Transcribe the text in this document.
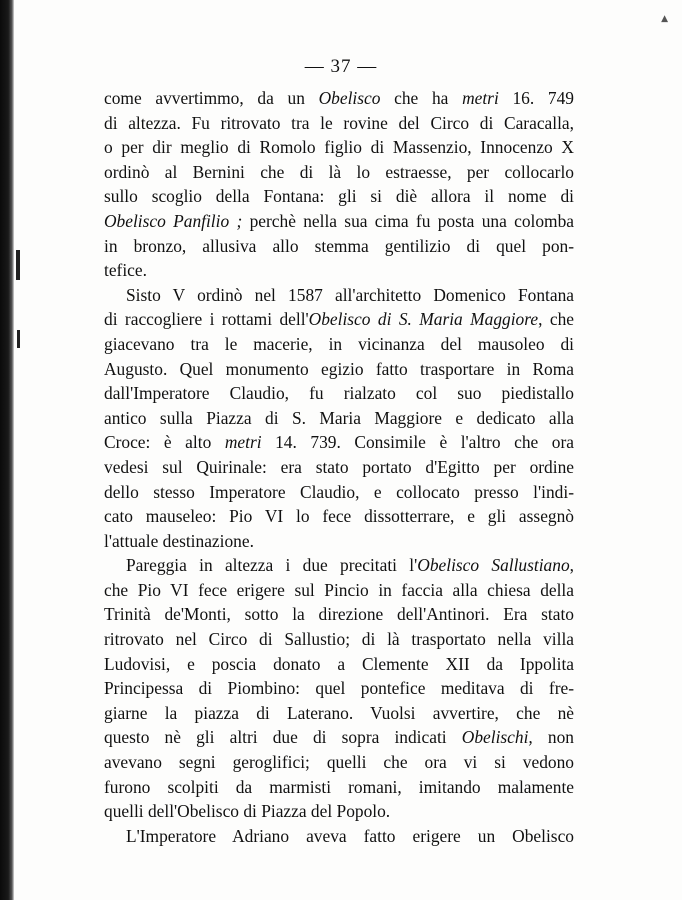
▲
— 37 —
come avvertimmo, da un Obelisco che ha metri 16. 749
di altezza. Fu ritrovato tra le rovine del Circo di Caracalla,
o per dir meglio di Romolo figlio di Massenzio, Innocenzo X
ordinò al Bernini che di là lo estraesse, per collocarlo
sullo scoglio della Fontana: gli si diè allora il nome di
Obelisco Panfilio ; perchè nella sua cima fu posta una colomba
in bronzo, allusiva allo stemma gentilizio di quel pon-
tefice.
Sisto V ordinò nel 1587 all'architetto Domenico Fontana
di raccogliere i rottami dell'Obelisco di S. Maria Maggiore, che
giacevano tra le macerie, in vicinanza del mausoleo di
Augusto. Quel monumento egizio fatto trasportare in Roma
dall'Imperatore Claudio, fu rialzato col suo piedistallo
antico sulla Piazza di S. Maria Maggiore e dedicato alla
Croce: è alto metri 14. 739. Consimile è l'altro che ora
vedesi sul Quirinale: era stato portato d'Egitto per ordine
dello stesso Imperatore Claudio, e collocato presso l'indi-
cato mauseleo: Pio VI lo fece dissotterrare, e gli assegnò
l'attuale destinazione.
Pareggia in altezza i due precitati l'Obelisco Sallustiano,
che Pio VI fece erigere sul Pincio in faccia alla chiesa della
Trinità de'Monti, sotto la direzione dell'Antinori. Era stato
ritrovato nel Circo di Sallustio; di là trasportato nella villa
Ludovisi, e poscia donato a Clemente XII da Ippolita
Principessa di Piombino: quel pontefice meditava di fre-
giarne la piazza di Laterano. Vuolsi avvertire, che nè
questo nè gli altri due di sopra indicati Obelischi, non
avevano segni geroglifici; quelli che ora vi si vedono
furono scolpiti da marmisti romani, imitando malamente
quelli dell'Obelisco di Piazza del Popolo.
L'Imperatore Adriano aveva fatto erigere un Obelisco
